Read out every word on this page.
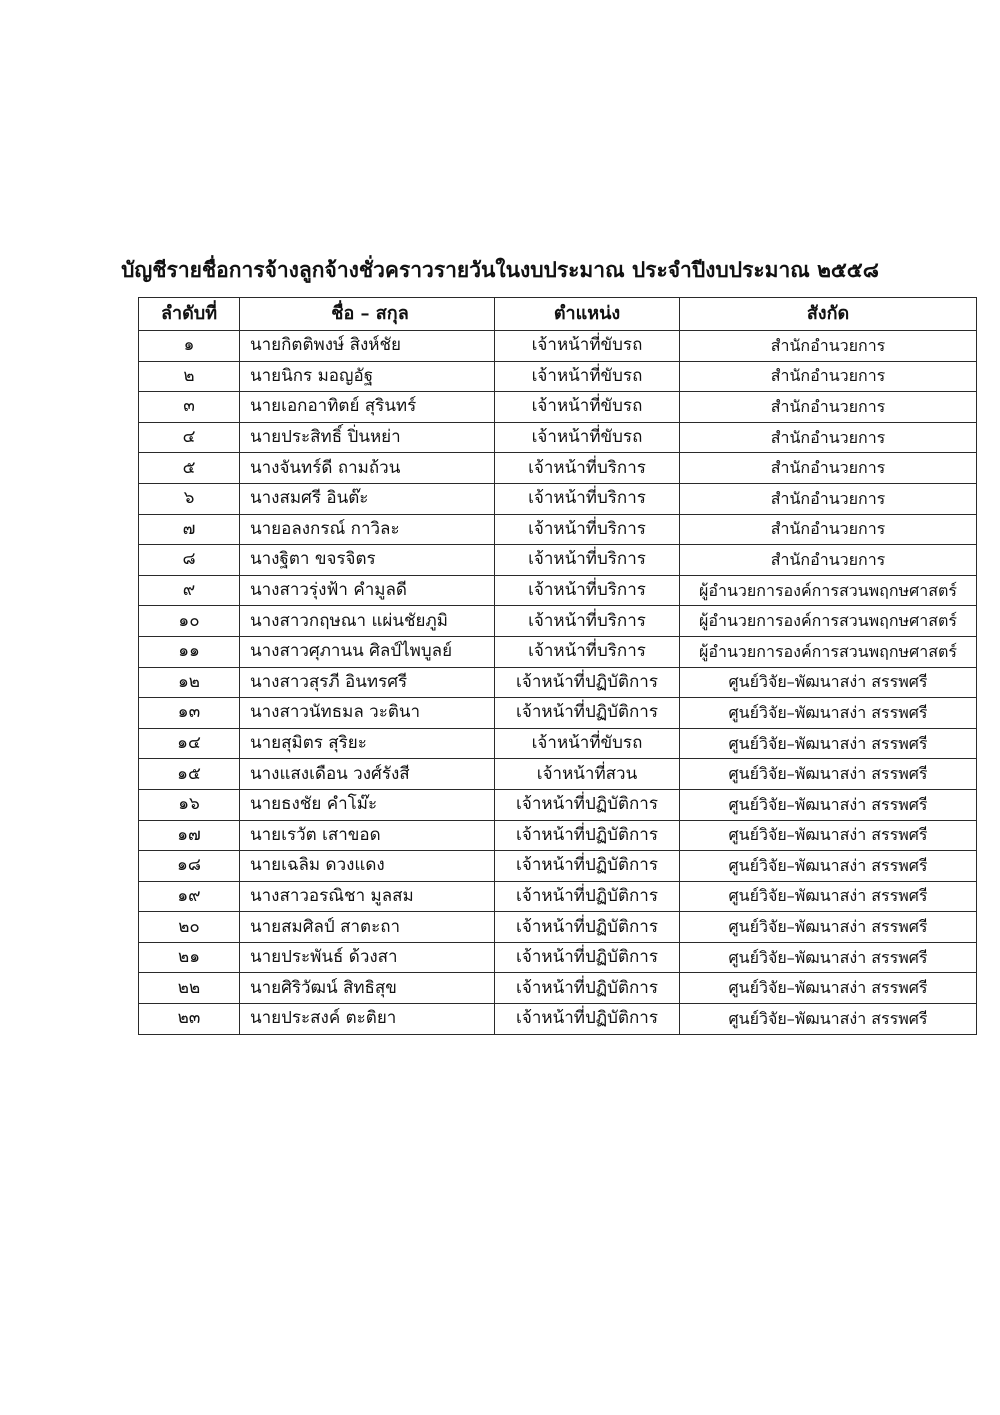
บัญชีรายชื่อการจ้างลูกจ้างชั่วคราวรายวันในงบประมาณ ประจำปีงบประมาณ ๒๕๕๘
ลำดับที่	ชื่อ – สกุล	ตำแหน่ง	สังกัด
๑	นายกิตติพงษ์ สิงห์ชัย	เจ้าหน้าที่ขับรถ	สำนักอำนวยการ
๒	นายนิกร มอญอัฐ	เจ้าหน้าที่ขับรถ	สำนักอำนวยการ
๓	นายเอกอาทิตย์ สุรินทร์	เจ้าหน้าที่ขับรถ	สำนักอำนวยการ
๔	นายประสิทธิ์ ปิ่นหย่า	เจ้าหน้าที่ขับรถ	สำนักอำนวยการ
๕	นางจันทร์ดี ถามถ้วน	เจ้าหน้าที่บริการ	สำนักอำนวยการ
๖	นางสมศรี อินต๊ะ	เจ้าหน้าที่บริการ	สำนักอำนวยการ
๗	นายอลงกรณ์ กาวิละ	เจ้าหน้าที่บริการ	สำนักอำนวยการ
๘	นางฐิตา ขจรจิตร	เจ้าหน้าที่บริการ	สำนักอำนวยการ
๙	นางสาวรุ่งฟ้า คำมูลดี	เจ้าหน้าที่บริการ	ผู้อำนวยการองค์การสวนพฤกษศาสตร์
๑๐	นางสาวกฤษณา แผ่นชัยภูมิ	เจ้าหน้าที่บริการ	ผู้อำนวยการองค์การสวนพฤกษศาสตร์
๑๑	นางสาวศุภานน ศิลป์ไพบูลย์	เจ้าหน้าที่บริการ	ผู้อำนวยการองค์การสวนพฤกษศาสตร์
๑๒	นางสาวสุรภี อินทรศรี	เจ้าหน้าที่ปฏิบัติการ	ศูนย์วิจัย–พัฒนาสง่า สรรพศรี
๑๓	นางสาวนัทธมล วะตินา	เจ้าหน้าที่ปฏิบัติการ	ศูนย์วิจัย–พัฒนาสง่า สรรพศรี
๑๔	นายสุมิตร สุริยะ	เจ้าหน้าที่ขับรถ	ศูนย์วิจัย–พัฒนาสง่า สรรพศรี
๑๕	นางแสงเดือน วงศ์รังสี	เจ้าหน้าที่สวน	ศูนย์วิจัย–พัฒนาสง่า สรรพศรี
๑๖	นายธงชัย คำโม๊ะ	เจ้าหน้าที่ปฏิบัติการ	ศูนย์วิจัย–พัฒนาสง่า สรรพศรี
๑๗	นายเรวัต เสาขอด	เจ้าหน้าที่ปฏิบัติการ	ศูนย์วิจัย–พัฒนาสง่า สรรพศรี
๑๘	นายเฉลิม ดวงแดง	เจ้าหน้าที่ปฏิบัติการ	ศูนย์วิจัย–พัฒนาสง่า สรรพศรี
๑๙	นางสาวอรณิชา มูลสม	เจ้าหน้าที่ปฏิบัติการ	ศูนย์วิจัย–พัฒนาสง่า สรรพศรี
๒๐	นายสมศิลป์ สาตะถา	เจ้าหน้าที่ปฏิบัติการ	ศูนย์วิจัย–พัฒนาสง่า สรรพศรี
๒๑	นายประพันธ์ ด้วงสา	เจ้าหน้าที่ปฏิบัติการ	ศูนย์วิจัย–พัฒนาสง่า สรรพศรี
๒๒	นายศิริวัฒน์ สิทธิสุข	เจ้าหน้าที่ปฏิบัติการ	ศูนย์วิจัย–พัฒนาสง่า สรรพศรี
๒๓	นายประสงค์ ตะติยา	เจ้าหน้าที่ปฏิบัติการ	ศูนย์วิจัย–พัฒนาสง่า สรรพศรี
